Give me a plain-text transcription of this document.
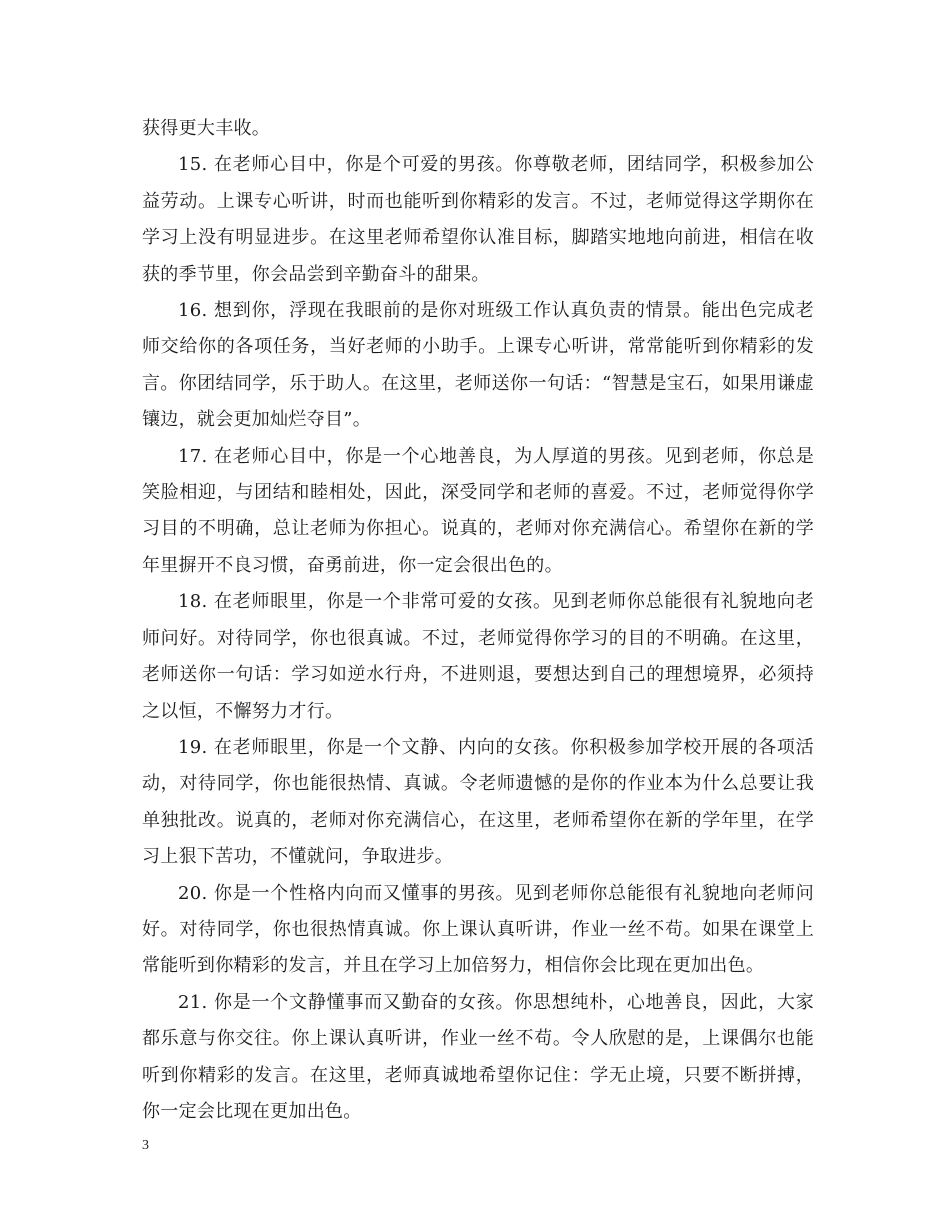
获得更大丰收。

15. 在老师心目中，你是个可爱的男孩。你尊敬老师，团结同学，积极参加公益劳动。上课专心听讲，时而也能听到你精彩的发言。不过，老师觉得这学期你在学习上没有明显进步。在这里老师希望你认准目标，脚踏实地地向前进，相信在收获的季节里，你会品尝到辛勤奋斗的甜果。

16. 想到你，浮现在我眼前的是你对班级工作认真负责的情景。能出色完成老师交给你的各项任务，当好老师的小助手。上课专心听讲，常常能听到你精彩的发言。你团结同学，乐于助人。在这里，老师送你一句话：“智慧是宝石，如果用谦虚镶边，就会更加灿烂夺目”。

17. 在老师心目中，你是一个心地善良，为人厚道的男孩。见到老师，你总是笑脸相迎，与团结和睦相处，因此，深受同学和老师的喜爱。不过，老师觉得你学习目的不明确，总让老师为你担心。说真的，老师对你充满信心。希望你在新的学年里摒开不良习惯，奋勇前进，你一定会很出色的。

18. 在老师眼里，你是一个非常可爱的女孩。见到老师你总能很有礼貌地向老师问好。对待同学，你也很真诚。不过，老师觉得你学习的目的不明确。在这里，老师送你一句话：学习如逆水行舟，不进则退，要想达到自己的理想境界，必须持之以恒，不懈努力才行。

19. 在老师眼里，你是一个文静、内向的女孩。你积极参加学校开展的各项活动，对待同学，你也能很热情、真诚。令老师遗憾的是你的作业本为什么总要让我单独批改。说真的，老师对你充满信心，在这里，老师希望你在新的学年里，在学习上狠下苦功，不懂就问，争取进步。

20. 你是一个性格内向而又懂事的男孩。见到老师你总能很有礼貌地向老师问好。对待同学，你也很热情真诚。你上课认真听讲，作业一丝不苟。如果在课堂上常能听到你精彩的发言，并且在学习上加倍努力，相信你会比现在更加出色。

21. 你是一个文静懂事而又勤奋的女孩。你思想纯朴，心地善良，因此，大家都乐意与你交往。你上课认真听讲，作业一丝不苟。令人欣慰的是，上课偶尔也能听到你精彩的发言。在这里，老师真诚地希望你记住：学无止境，只要不断拼搏，你一定会比现在更加出色。

3
